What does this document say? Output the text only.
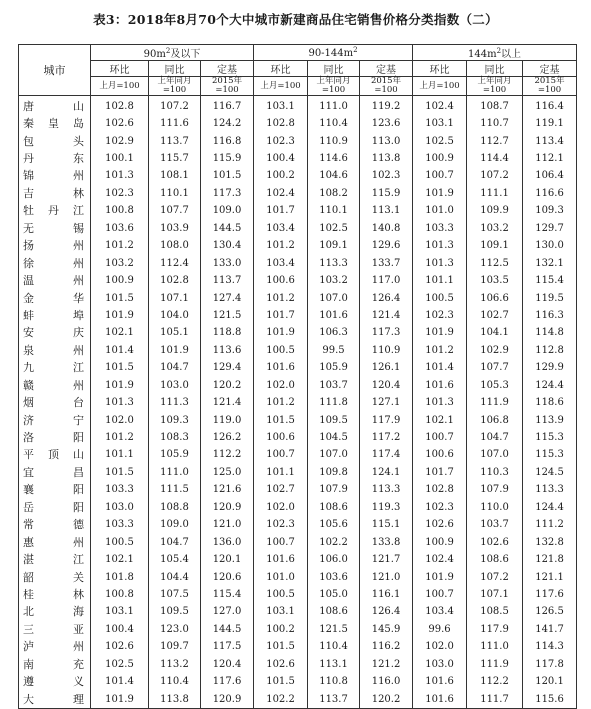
表3：2018年8月70个大中城市新建商品住宅销售价格分类指数（二）
城市	$90m^2$及以下			$90-144m^2$			$144m^2$以上		
	环比	同比	定基	环比	同比	定基	环比	同比	定基
	上月=100	上年同月=100	2015年=100	上月=100	上年同月=100	2015年=100	上月=100	上年同月=100	2015年=100
唐山	102.8	107.2	116.7	103.1	111.0	119.2	102.4	108.7	116.4
秦皇岛	102.6	111.6	124.2	102.8	110.4	123.6	103.1	110.7	119.1
包头	102.9	113.7	116.8	102.3	110.9	113.0	102.5	112.7	113.4
丹东	100.1	115.7	115.9	100.4	114.6	113.8	100.9	114.4	112.1
锦州	101.3	108.1	101.5	100.2	104.6	102.3	100.7	107.2	106.4
吉林	102.3	110.1	117.3	102.4	108.2	115.9	101.9	111.1	116.6
牡丹江	100.8	107.7	109.0	101.7	110.1	113.1	101.0	109.9	109.3
无锡	103.6	103.9	144.5	103.4	102.5	140.8	103.3	103.2	129.7
扬州	101.2	108.0	130.4	101.2	109.1	129.6	101.3	109.1	130.0
徐州	103.2	112.4	133.0	103.4	113.3	133.7	101.3	112.5	132.1
温州	100.9	102.8	113.7	100.6	103.2	117.0	101.1	103.5	115.4
金华	101.5	107.1	127.4	101.2	107.0	126.4	100.5	106.6	119.5
蚌埠	101.9	104.0	121.5	101.7	101.6	121.4	102.3	102.7	116.3
安庆	102.1	105.1	118.8	101.9	106.3	117.3	101.9	104.1	114.8
泉州	101.4	101.9	113.6	100.5	99.5	110.9	101.2	102.9	112.8
九江	101.5	104.7	129.4	101.6	105.9	126.1	101.4	107.7	129.9
赣州	101.9	103.0	120.2	102.0	103.7	120.4	101.6	105.3	124.4
烟台	101.3	111.3	121.4	101.2	111.8	127.1	101.3	111.9	118.6
济宁	102.0	109.3	119.0	101.5	109.5	117.9	102.1	106.8	113.9
洛阳	101.2	108.3	126.2	100.6	104.5	117.2	100.7	104.7	115.3
平顶山	101.1	105.9	112.2	100.7	107.0	117.4	100.6	107.0	115.3
宜昌	101.5	111.0	125.0	101.1	109.8	124.1	101.7	110.3	124.5
襄阳	103.3	111.5	121.6	102.7	107.9	113.3	102.8	107.9	113.3
岳阳	103.0	108.8	120.9	102.0	108.6	119.3	102.3	110.0	124.4
常德	103.3	109.0	121.0	102.3	105.6	115.1	102.6	103.7	111.2
惠州	100.5	104.7	136.0	100.7	102.2	133.8	100.9	102.6	132.8
湛江	102.1	105.4	120.1	101.6	106.0	121.7	102.4	108.6	121.8
韶关	101.8	104.4	120.6	101.0	103.6	121.0	101.9	107.2	121.1
桂林	100.8	107.5	115.4	100.5	105.0	116.1	100.7	107.1	117.6
北海	103.1	109.5	127.0	103.1	108.6	126.4	103.4	108.5	126.5
三亚	100.4	123.0	144.5	100.2	121.5	145.9	99.6	117.9	141.7
泸州	102.6	109.7	117.5	101.5	110.4	116.2	102.0	111.0	114.3
南充	102.5	113.2	120.4	102.6	113.1	121.2	103.0	111.9	117.8
遵义	101.4	110.4	117.6	101.5	110.8	116.0	101.6	112.2	120.1
大理	101.9	113.8	120.9	102.2	113.7	120.2	101.6	111.7	115.6
